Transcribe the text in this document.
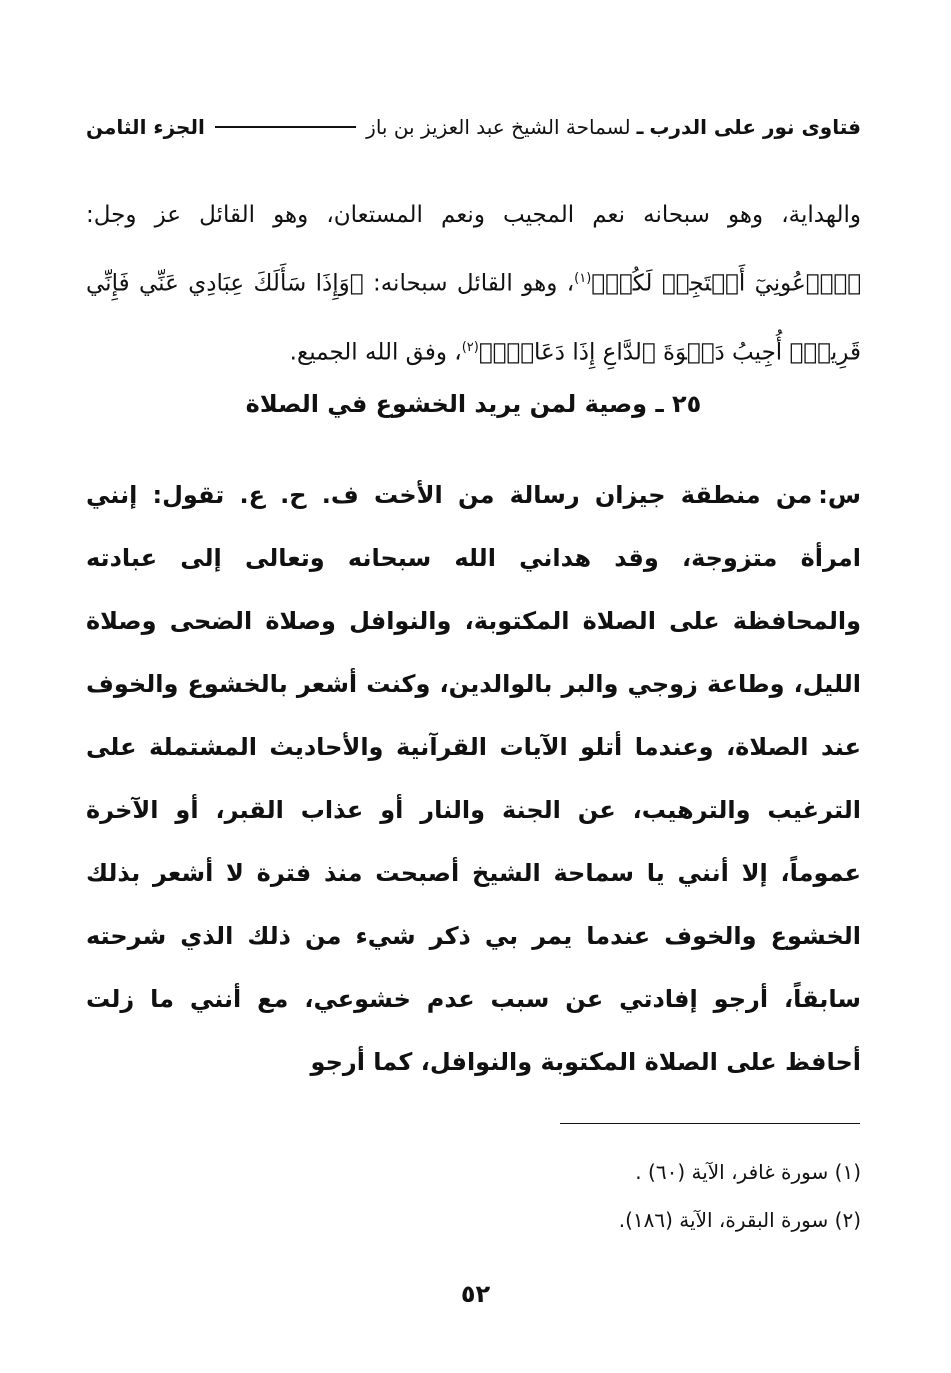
فتاوى نور على الدرب
ـ
لسماحة الشيخ عبد العزيز بن باز
الجزء الثامن

والهداية، وهو سبحانه نعم المجيب ونعم المستعان، وهو القائل عز وجل: ﴿ٱدۡعُونِيٓ أَسۡتَجِبۡ لَكُمۡ﴾$^{(١)}$، وهو القائل سبحانه: ﴿وَإِذَا سَأَلَكَ عِبَادِي عَنِّي فَإِنِّي قَرِيبٌۖ أُجِيبُ دَعۡوَةَ ٱلدَّاعِ إِذَا دَعَانِۖ﴾$^{(٢)}$، وفق الله الجميع.

٢٥ ـ وصية لمن يريد الخشوع في الصلاة

س:من منطقة جيزان رسالة من الأخت ف. ح. ع. تقول: إنني امرأة متزوجة، وقد هداني الله سبحانه وتعالى إلى عبادته والمحافظة على الصلاة المكتوبة، والنوافل وصلاة الضحى وصلاة الليل، وطاعة زوجي والبر بالوالدين، وكنت أشعر بالخشوع والخوف عند الصلاة، وعندما أتلو الآيات القرآنية والأحاديث المشتملة على الترغيب والترهيب، عن الجنة والنار أو عذاب القبر، أو الآخرة عموماً، إلا أنني يا سماحة الشيخ أصبحت منذ فترة لا أشعر بذلك الخشوع والخوف عندما يمر بي ذكر شيء من ذلك الذي شرحته سابقاً، أرجو إفادتي عن سبب عدم خشوعي، مع أنني ما زلت أحافظ على الصلاة المكتوبة والنوافل، كما أرجو

(١) سورة غافر، الآية (٦٠) .
(٢) سورة البقرة، الآية (١٨٦).
٥٢
